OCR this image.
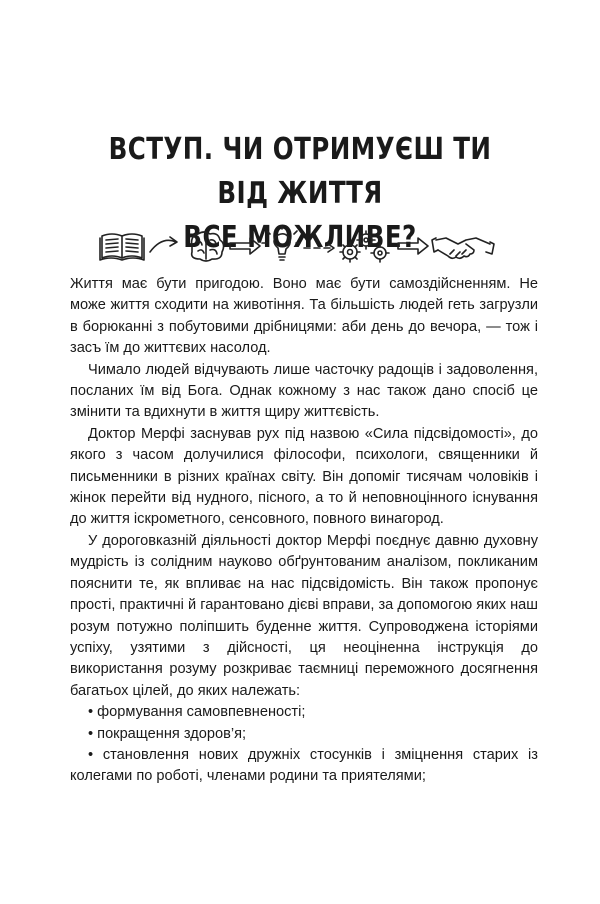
ВСТУП. ЧИ ОТРИМУЄШ ТИ ВІД ЖИТТЯ
ВСЕ МОЖЛИВЕ?

Життя має бути пригодою. Воно має бути самоздійсненням. Не може життя сходити на животіння. Та більшість людей геть загрузли в борюканні з побутовими дрібницями: аби день до вечора, — тож і засъ їм до життєвих насолод.

Чимало людей відчувають лише часточку радощів і задоволення, посланих їм від Бога. Однак кожному з нас також дано спосіб це змінити та вдихнути в життя щиру життєвість.

Доктор Мерфі заснував рух під назвою «Сила підсвідомості», до якого з часом долучилися філософи, психологи, священники й письменники в різних країнах світу. Він допоміг тисячам чоловіків і жінок перейти від нудного, пісного, а то й неповноцінного існування до життя іскрометного, сенсовного, повного винагород.

У дороговказній діяльності доктор Мерфі поєднує давню духовну мудрість із солідним науково обґрунтованим аналізом, покликаним пояснити те, як впливає на нас підсвідомість. Він також пропонує прості, практичні й гарантовано дієві вправи, за допомогою яких наш розум потужно поліпшить буденне життя. Супроводжена історіями успіху, узятими з дійсності, ця неоціненна інструкція до використання розуму розкриває таємниці переможного досягнення багатьох цілей, до яких належать:

• формування самовпевненості;

• покращення здоров’я;

• становлення нових дружніх стосунків і зміцнення старих із колегами по роботі, членами родини та приятелями;
